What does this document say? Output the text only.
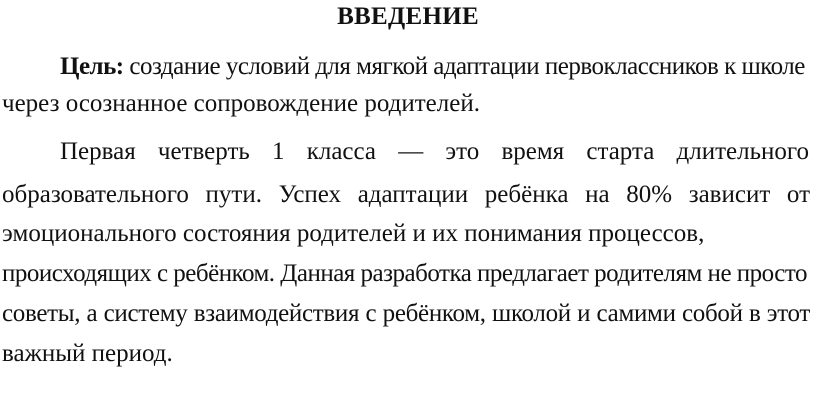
ВВЕДЕНИЕ
Цель: создание условий для мягкой адаптации первоклассников к школе
через осознанное сопровождение родителей.
Первая четверть 1 класса — это время старта длительного
образовательного пути. Успех адаптации ребёнка на 80% зависит от
эмоционального состояния родителей и их понимания процессов,
происходящих с ребёнком. Данная разработка предлагает родителям не просто
советы, а систему взаимодействия с ребёнком, школой и самими собой в этот
важный период.
